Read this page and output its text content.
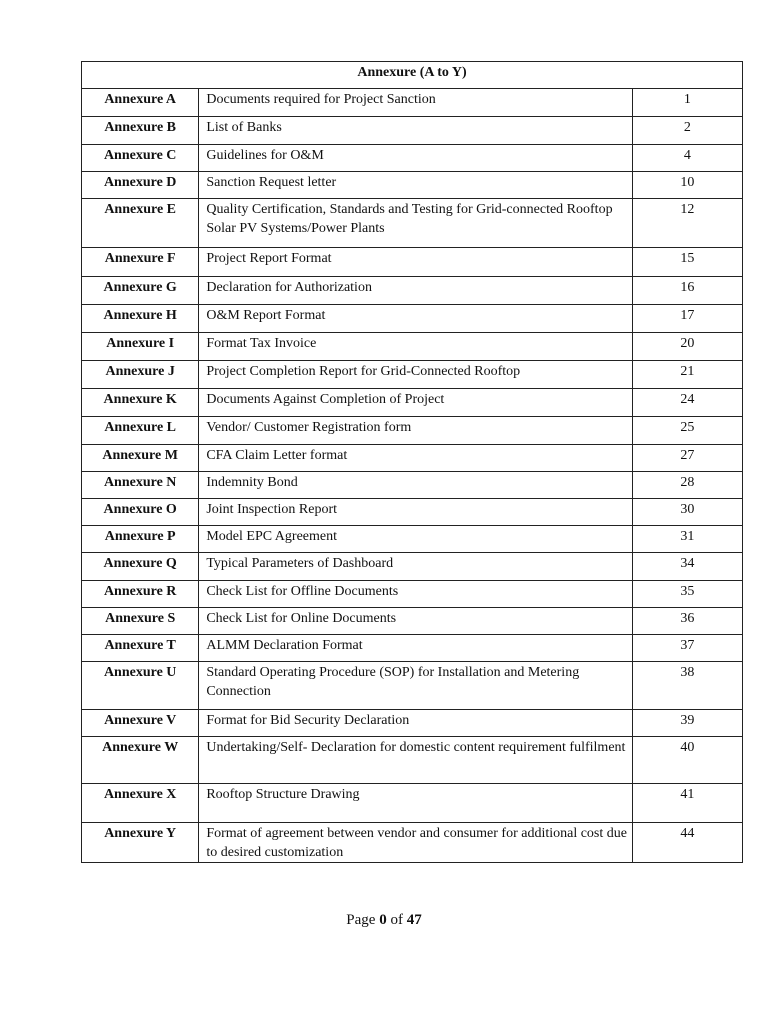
Annexure (A to Y)		
Annexure A	Documents required for Project Sanction	1
Annexure B	List of Banks	2
Annexure C	Guidelines for O&M	4
Annexure D	Sanction Request letter	10
Annexure E	Quality Certification, Standards and Testing for Grid-connected Rooftop Solar PV Systems/Power Plants	12
Annexure F	Project Report Format	15
Annexure G	Declaration for Authorization	16
Annexure H	O&M Report Format	17
Annexure I	Format Tax Invoice	20
Annexure J	Project Completion Report for Grid-Connected Rooftop	21
Annexure K	Documents Against Completion of Project	24
Annexure L	Vendor/ Customer Registration form	25
Annexure M	CFA Claim Letter format	27
Annexure N	Indemnity Bond	28
Annexure O	Joint Inspection Report	30
Annexure P	Model EPC Agreement	31
Annexure Q	Typical Parameters of Dashboard	34
Annexure R	Check List for Offline Documents	35
Annexure S	Check List for Online Documents	36
Annexure T	ALMM Declaration Format	37
Annexure U	Standard Operating Procedure (SOP) for Installation and Metering Connection	38
Annexure V	Format for Bid Security Declaration	39
Annexure W	Undertaking/Self- Declaration for domestic content requirement fulfilment	40
Annexure X	Rooftop Structure Drawing	41
Annexure Y	Format of agreement between vendor and consumer for additional cost due to desired customization	44
Page 0 of 47
